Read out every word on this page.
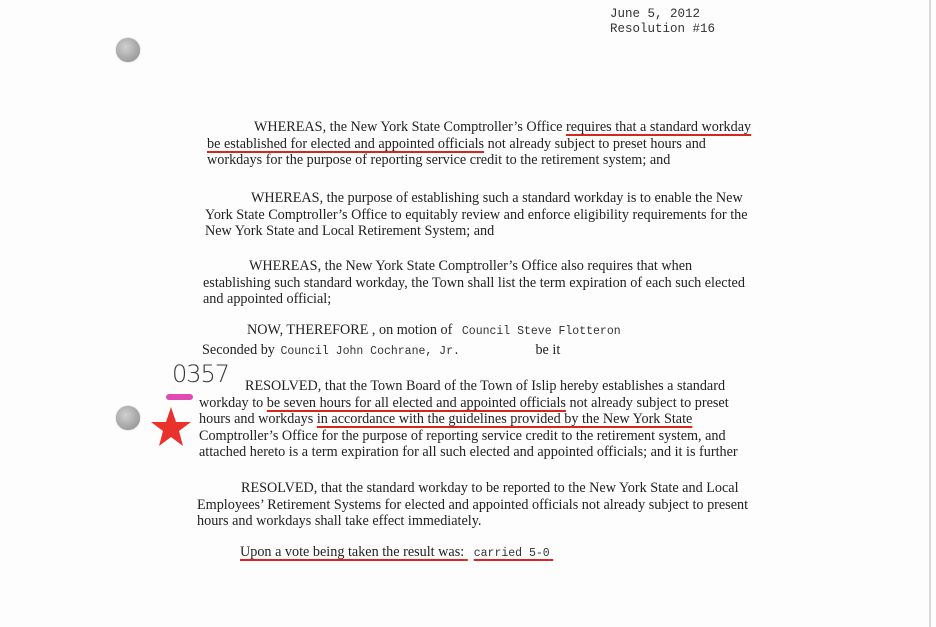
June 5, 2012
Resolution #16
WHEREAS, the New York State Comptroller’s Office requires that a standard workday
be established for elected and appointed officials not already subject to preset hours and
workdays for the purpose of reporting service credit to the retirement system; and
WHEREAS, the purpose of establishing such a standard workday is to enable the New
York State Comptroller’s Office to equitably review and enforce eligibility requirements for the
New York State and Local Retirement System; and
WHEREAS, the New York State Comptroller’s Office also requires that when
establishing such standard workday, the Town shall list the term expiration of each such elected
and appointed official;
NOW, THEREFORE , on motion of Council Steve Flotteron
Seconded by Council John Cochrane, Jr.	be it
0357	RESOLVED, that the Town Board of the Town of Islip hereby establishes a standard
workday to be seven hours for all elected and appointed officials not already subject to preset
hours and workdays in accordance with the guidelines provided by the New York State
Comptroller’s Office for the purpose of reporting service credit to the retirement system, and
attached hereto is a term expiration for all such elected and appointed officials; and it is further
RESOLVED, that the standard workday to be reported to the New York State and Local
Employees’ Retirement Systems for elected and appointed officials not already subject to present
hours and workdays shall take effect immediately.
Upon a vote being taken the result was: carried 5-0
